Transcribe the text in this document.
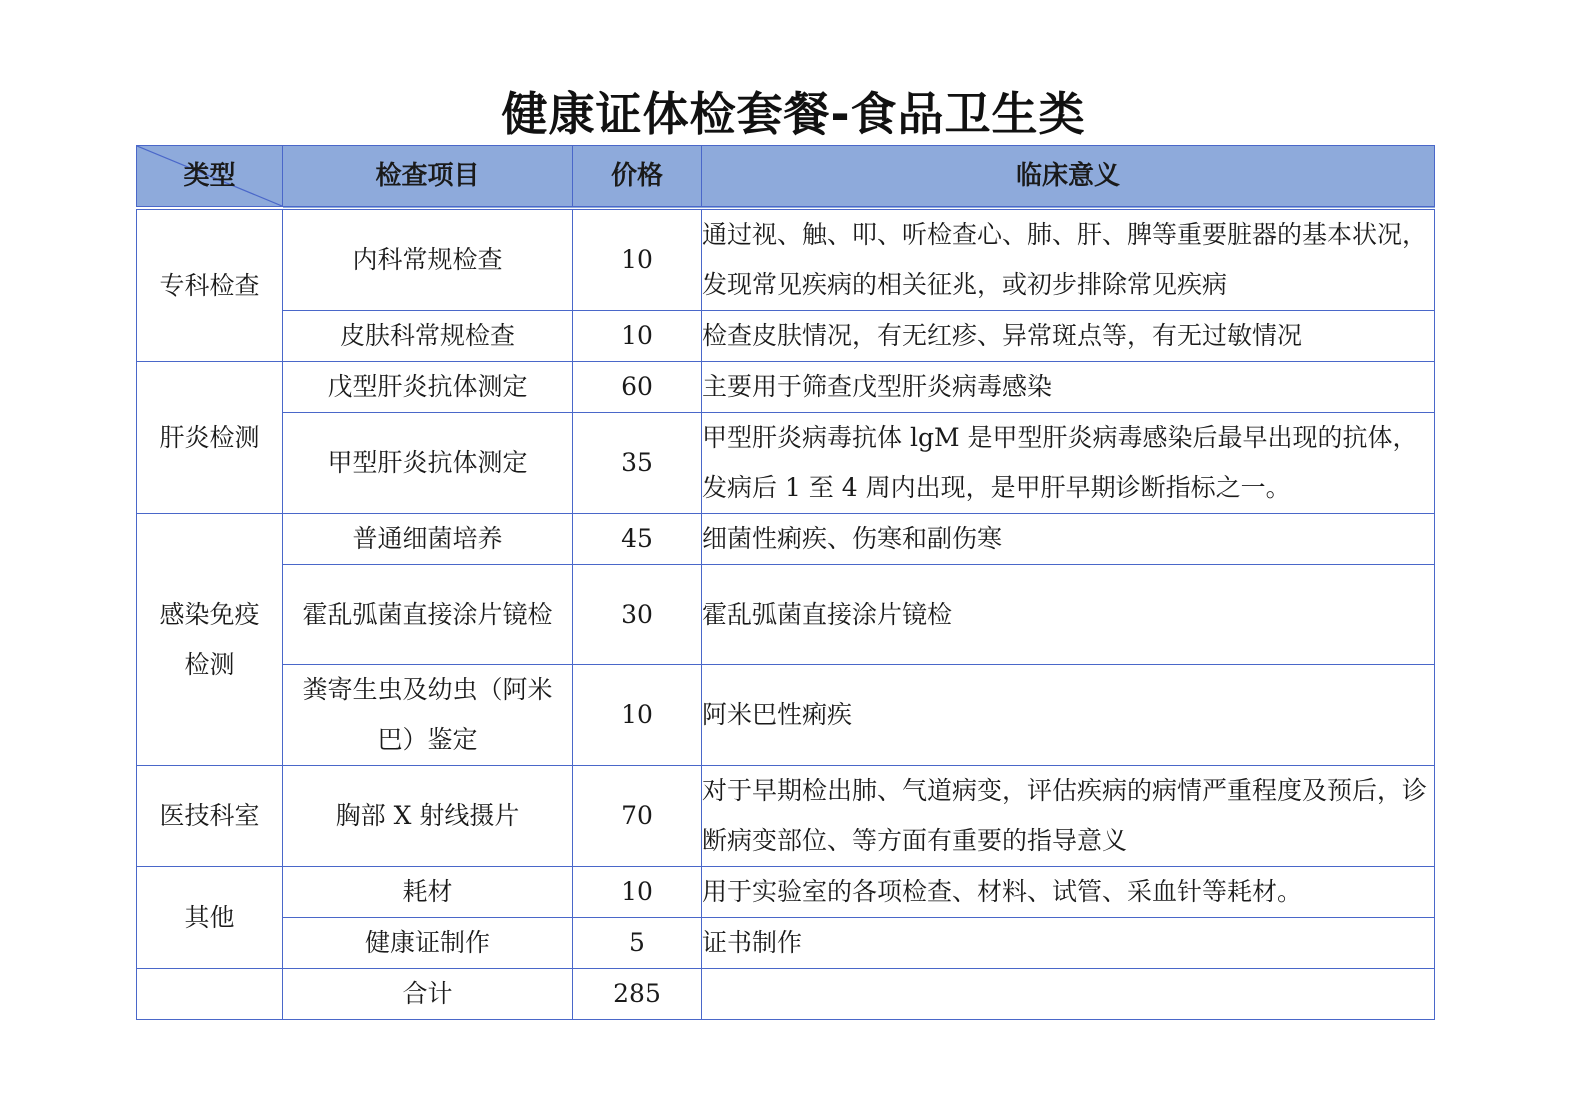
健康证体检套餐-食品卫生类
类型	检查项目	价格	临床意义
专科检查	内科常规检查	10	通过视、触、叩、听检查心、肺、肝、脾等重要脏器的基本状况，发现常见疾病的相关征兆，或初步排除常见疾病
	皮肤科常规检查	10	检查皮肤情况，有无红疹、异常斑点等，有无过敏情况
肝炎检测	戊型肝炎抗体测定	60	主要用于筛查戊型肝炎病毒感染
	甲型肝炎抗体测定	35	甲型肝炎病毒抗体 lgM 是甲型肝炎病毒感染后最早出现的抗体，发病后 1 至 4 周内出现，是甲肝早期诊断指标之一。
感染免疫检测	普通细菌培养	45	细菌性痢疾、伤寒和副伤寒
	霍乱弧菌直接涂片镜检	30	霍乱弧菌直接涂片镜检
	粪寄生虫及幼虫（阿米巴）鉴定	10	阿米巴性痢疾
医技科室	胸部 X 射线摄片	70	对于早期检出肺、气道病变，评估疾病的病情严重程度及预后，诊断病变部位、等方面有重要的指导意义
其他	耗材	10	用于实验室的各项检查、材料、试管、采血针等耗材。
	健康证制作	5	证书制作
	合计	285	
